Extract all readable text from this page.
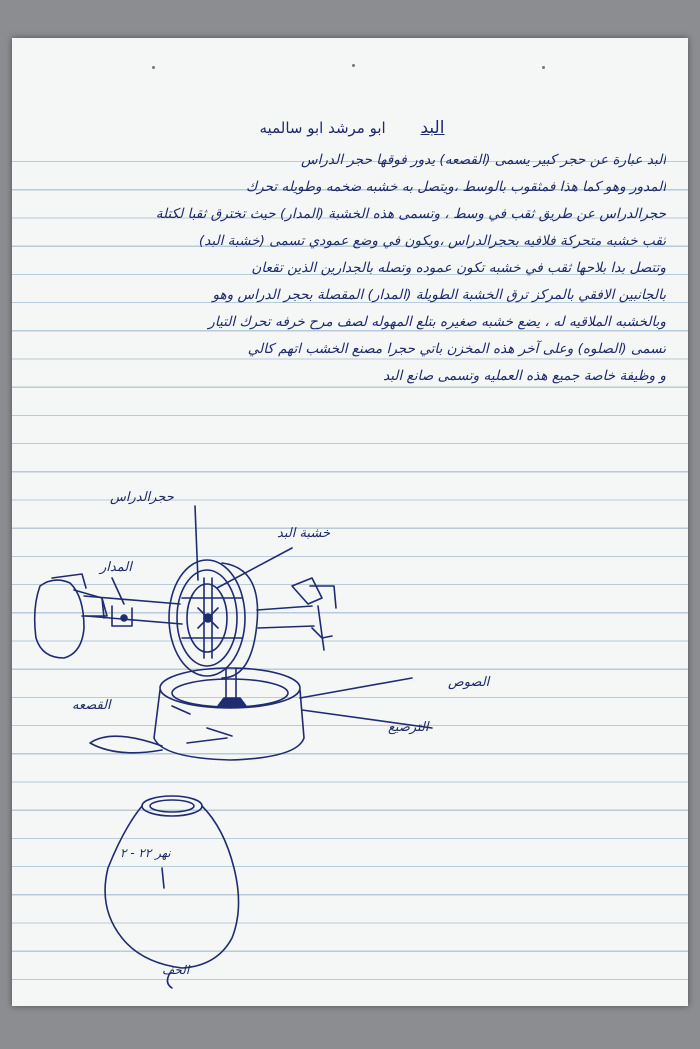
البد ابو مرشد ابو سالميه
البد عبارة عن حجر كبير يسمى (القصعه) يدور فوقها حجر الدراس
المدور وهو كما هذا فمثقوب بالوسط ،ويتصل به خشبه ضخمه وطويله تحرك
حجرالدراس عن طريق ثقب في وسط ، وتسمى هذه الخشبة (المدار) حيث تخترق ثقبا لكتلة
ثقب خشبه متحركة فلافيه بحجرالدراس ،ويكون في وضع عمودي تسمى (خشبة البد)
وتتصل بدا بلاحها ثقب في خشبه تكون عموده وتصله بالجدارين الذين تقعان
بالجانبين الافقي بالمركز ترق الخشبة الطويلة (المدار) المقصلة بحجر الدراس وهو
وبالخشبه الملاقيه له ، يضع خشبه صغيره بتلع المهوله لصف مرح خرفه تحرك التيار
تسمى (الصلوه) وعلى آخر هذه المخزن باتي حجرا مصنع الخشب اتهم كالي
و وظيفة خاصة جميع هذه العمليه وتسمى صانع البد
حجرالدراس
خشبة البد
المدار
الصوص
القصعه
الترصيع
نهر ٢٢ - ٢
الخف
